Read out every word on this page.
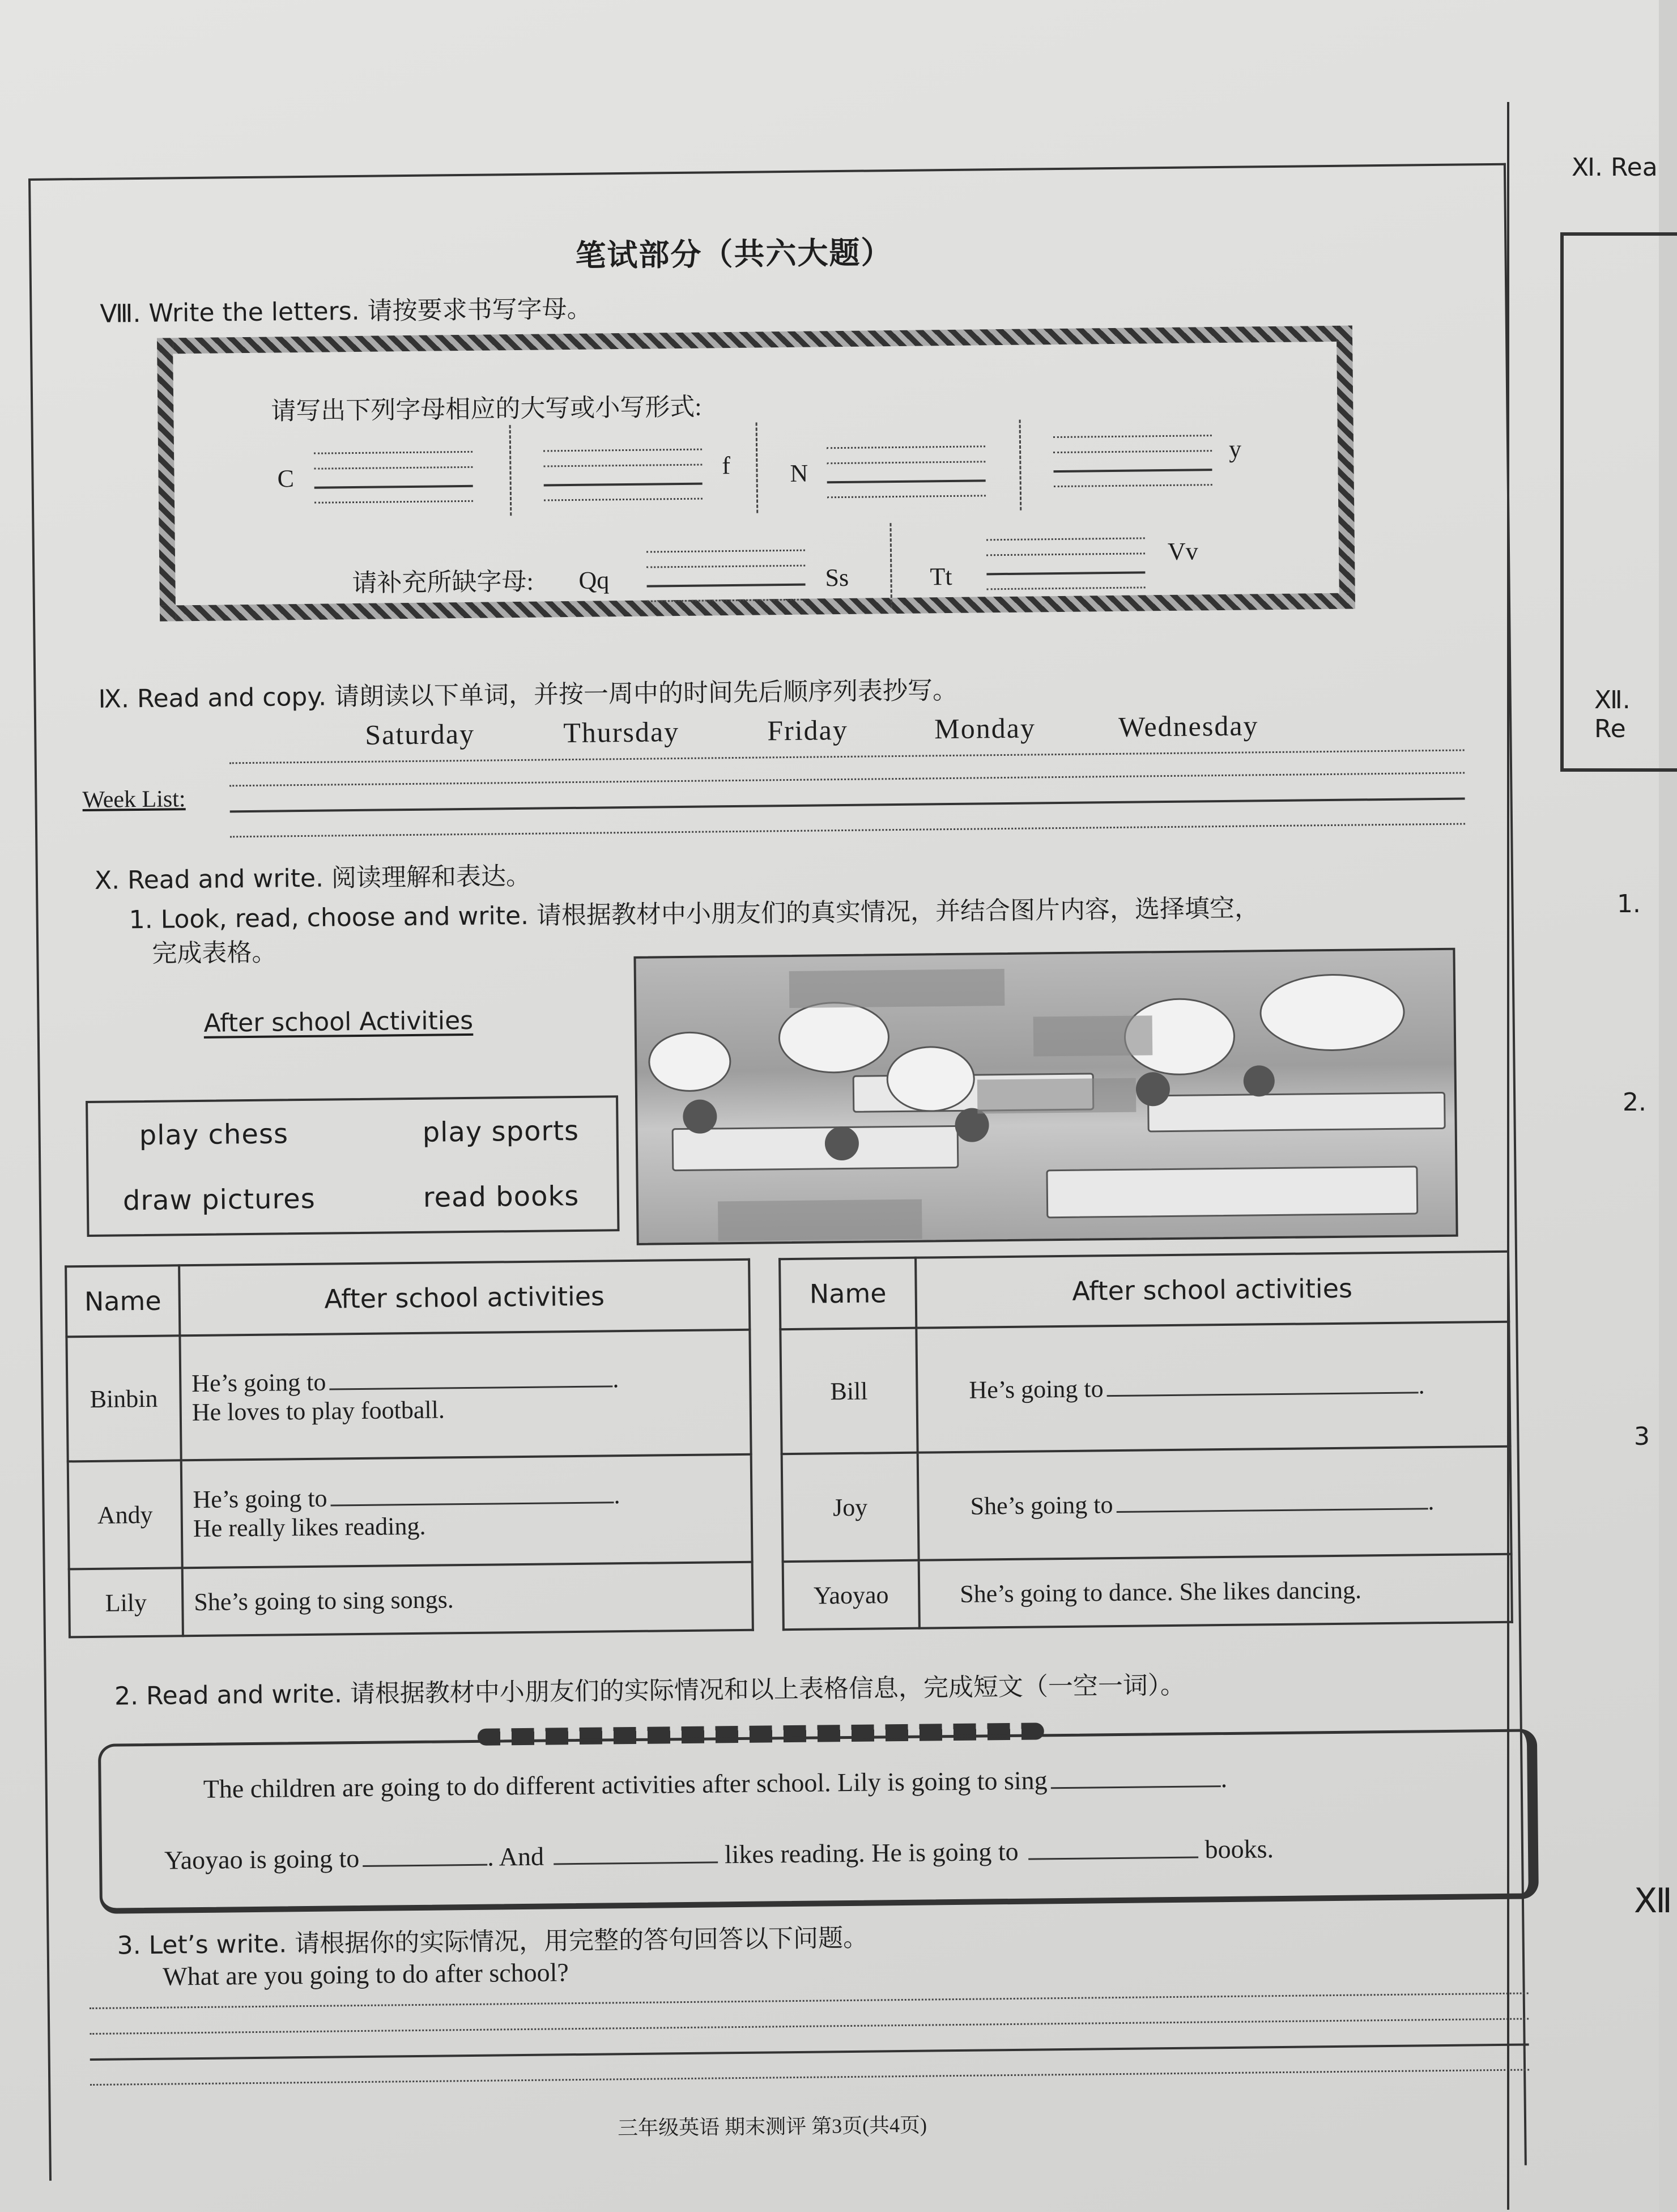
笔试部分（共六大题）
Ⅷ. Write the letters. 请按要求书写字母。
请写出下列字母相应的大写或小写形式:
C	f N
y
请补充所缺字母: Qq	Ss	Tt
Vv
Ⅸ. Read and copy. 请朗读以下单词，并按一周中的时间先后顺序列表抄写。
Saturday	Thursday	Friday	Monday	Wednesday
Week List:
Ⅹ. Read and write. 阅读理解和表达。
1. Look, read, choose and write. 请根据教材中小朋友们的真实情况，并结合图片内容，选择填空，
完成表格。
After school Activities
play chess	play sports
draw pictures	read books
Name	After school activities
Binbin	He’s going to .
He loves to play football.

Andy	He’s going to .
He really likes reading.

Lily	She’s going to sing songs.
Name	After school activities
Bill	He’s going to .
Joy	She’s going to .
Yaoyao	She’s going to dance. She likes dancing.
2. Read and write. 请根据教材中小朋友们的实际情况和以上表格信息，完成短文（一空一词）。
The children are going to do different activities after school. Lily is going to sing	.
Yaoyao is going to	. And	likes reading. He is going to	books.
3. Let’s write. 请根据你的实际情况，用完整的答句回答以下问题。
What are you going to do after school?
三年级英语 期末测评 第3页(共4页)
Ⅺ. Rea
Ⅻ. Re
1.
2.
3
Ⅻ
